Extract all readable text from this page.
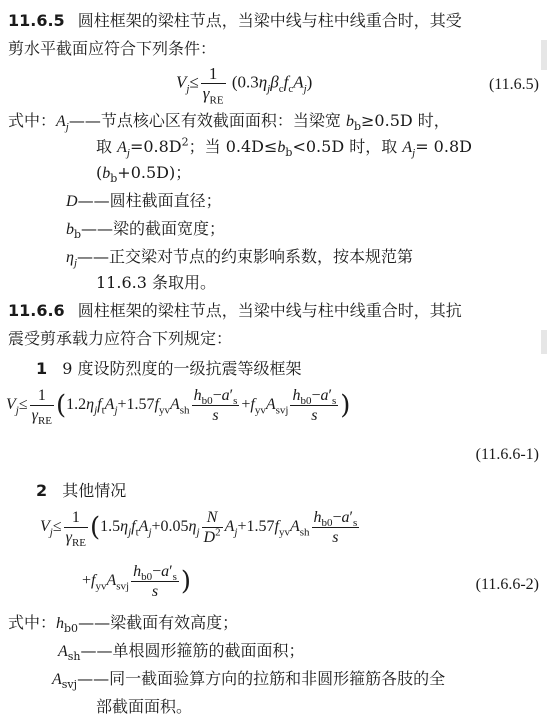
11.6.5 圆柱框架的梁柱节点，当梁中线与柱中线重合时，其受
剪水平截面应符合下列条件：
$V_j\le \frac{1}{\gamma_{RE}} (0.3\eta_j\beta_cf_cA_j)$	(11.6.5)
式中：$A_j——$节点核心区有效截面面积：当梁宽 $b_b\ge 0.5D$ 时，
取 $A_j=0.8D^2$；当 $0.4D\le b_b<0.5D$ 时，取 $A_j= 0.8D$
$(b_b+0.5D)$；
D——圆柱截面直径；
$b_b——$梁的截面宽度；
$\eta_j——$正交梁对节点的约束影响系数，按本规范第
11.6.3 条取用。
11.6.6 圆柱框架的梁柱节点，当梁中线与柱中线重合时，其抗
震受剪承载力应符合下列规定：
1 9 度设防烈度的一级抗震等级框架
$V_j\le \frac{1}{\gamma_{RE}} (1.2\eta_jf_tA_j+1.57f_{yv}A_{sh} \frac{h_{b0}-a'_s}{s} +f_{yv}A_{svj} \frac{h_{b0}-a'_s}{s}$ )
(11.6.6-1)
2 其他情况
$V_j\le \frac{1}{\gamma_{RE}} (1.5\eta_jf_tA_j+0.05\eta_j \frac{N}{D^2} A_j+1.57f_{yv}A_{sh} \frac{h_{b0}-a'_s}{s}$
$+f_{yv}A_{svj} \frac{h_{b0}-a'_s}{s}$ )	(11.6.6-2)
式中：$h_{b0}——$梁截面有效高度；
$A_{sh}——$单根圆形箍筋的截面面积；
$A_{svj}——$同一截面验算方向的拉筋和非圆形箍筋各肢的全
部截面面积。
